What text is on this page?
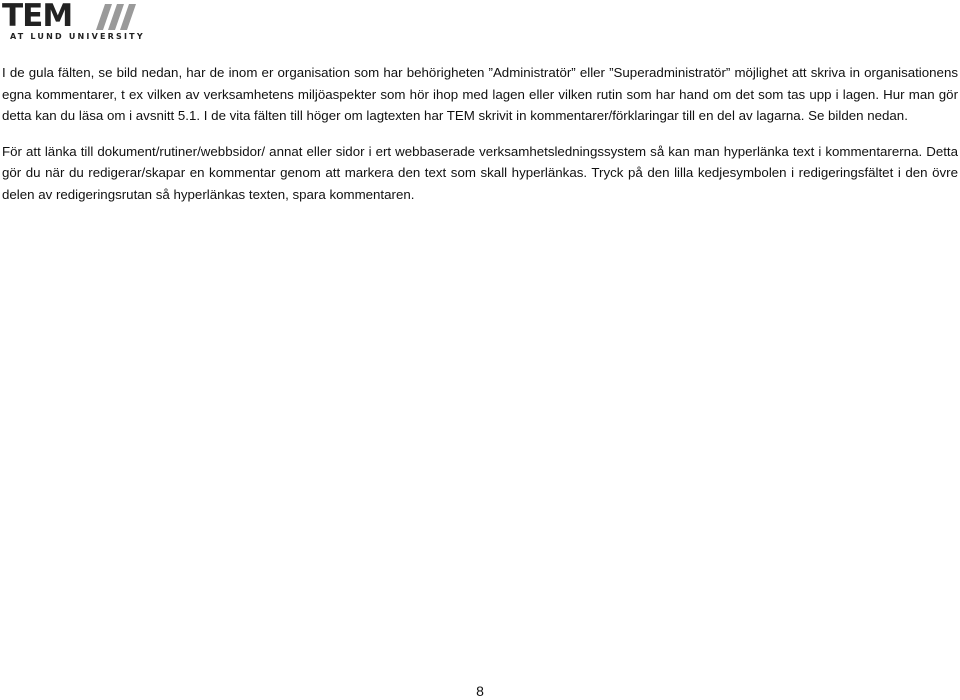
TEM
AT LUND UNIVERSITY

I de gula fälten, se bild nedan, har de inom er organisation som har behörigheten ”Administratör” eller ”Superadministratör” möjlighet att skriva in organisationens egna kommentarer, t ex vilken av verksamhetens miljöaspekter som hör ihop med lagen eller vilken rutin som har hand om det som tas upp i lagen. Hur man gör detta kan du läsa om i avsnitt 5.1. I de vita fälten till höger om lagtexten har TEM skrivit in kommentarer/förklaringar till en del av lagarna. Se bilden nedan.

För att länka till dokument/rutiner/webbsidor/ annat eller sidor i ert webbaserade verksamhetsledningssystem så kan man hyperlänka text i kommentarerna. Detta gör du när du redigerar/skapar en kommentar genom att markera den text som skall hyperlänkas. Tryck på den lilla kedjesymbolen i redigeringsfältet i den övre delen av redigeringsrutan så hyperlänkas texten, spara kommentaren.

8
